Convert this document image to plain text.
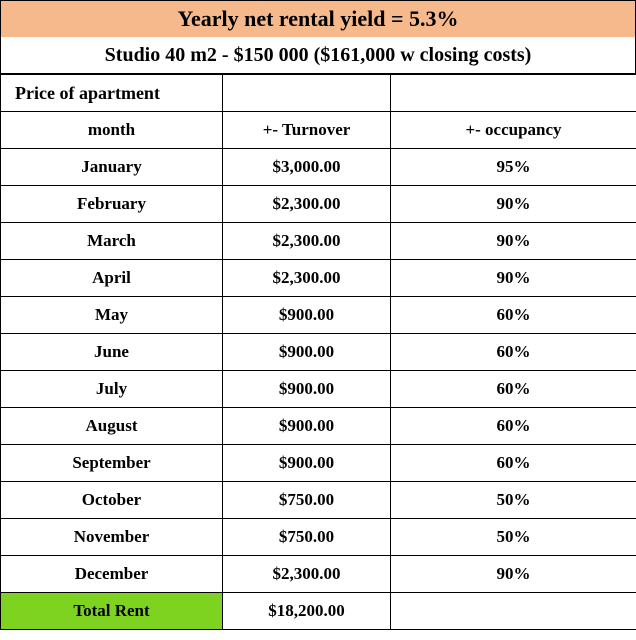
Yearly net rental yield = 5.3%
Studio 40 m2 - $150 000 ($161,000 w closing costs)
Price of apartment		
month	+- Turnover	+- occupancy
January	$3,000.00	95%
February	$2,300.00	90%
March	$2,300.00	90%
April	$2,300.00	90%
May	$900.00	60%
June	$900.00	60%
July	$900.00	60%
August	$900.00	60%
September	$900.00	60%
October	$750.00	50%
November	$750.00	50%
December	$2,300.00	90%
Total Rent	$18,200.00	
